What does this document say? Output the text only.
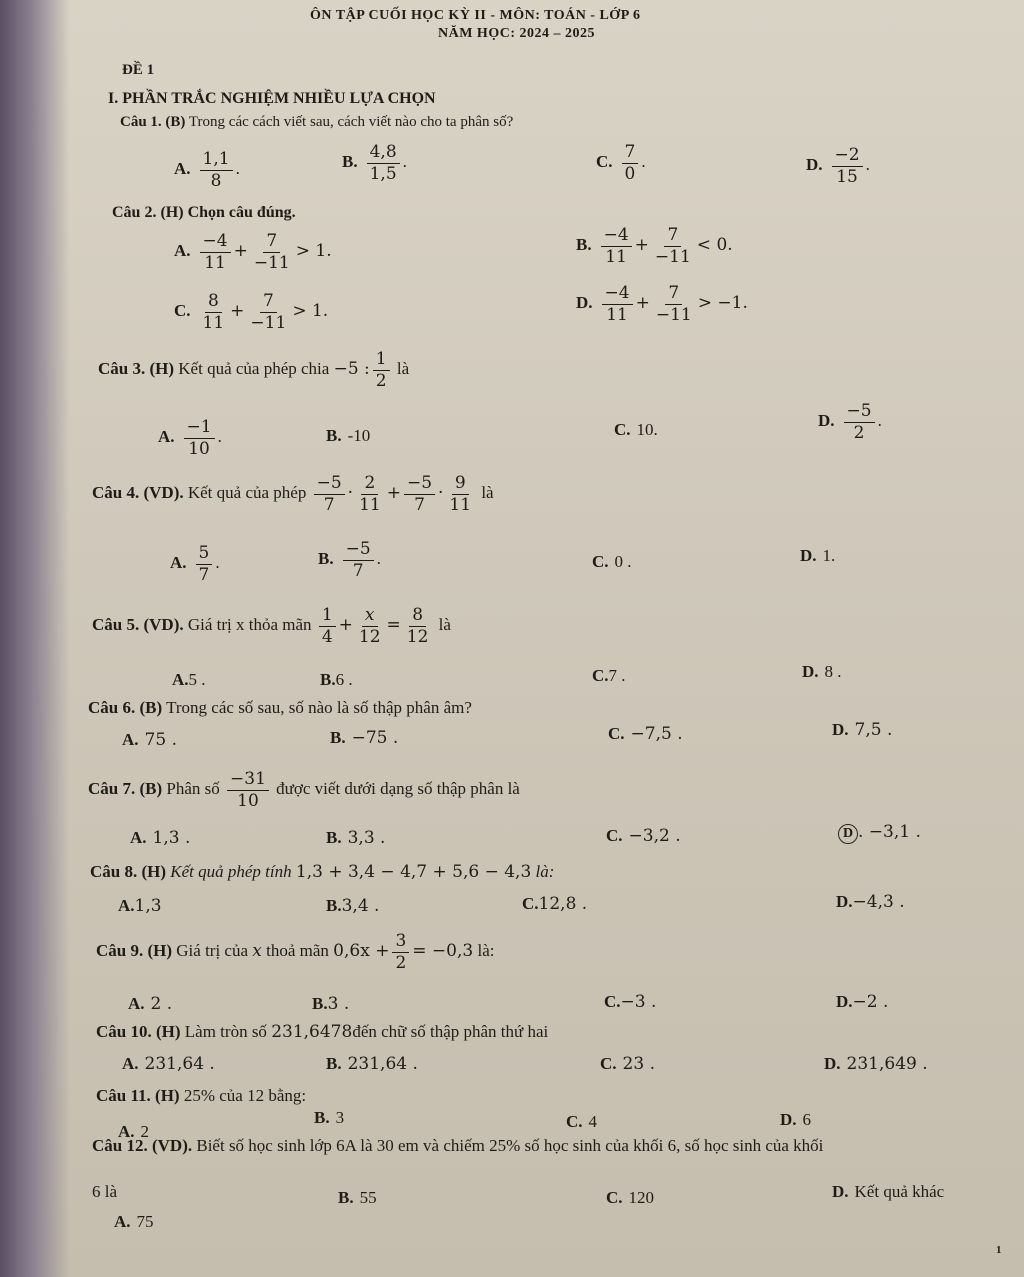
ÔN TẬP CUỐI HỌC KỲ II - MÔN: TOÁN - LỚP 6
NĂM HỌC: 2024 – 2025
ĐỀ 1
I. PHẦN TRẮC NGHIỆM NHIỀU LỰA CHỌN
Câu 1. (B) Trong các cách viết sau, cách viết nào cho ta phân số?
A. $\frac{1,1}{8}$ .	B. $\frac{4,8}{1,5}$ .	C. $\frac{7}{0}$ .	D. $\frac{-2}{15}$ .
Câu 2. (H) Chọn câu đúng.
A. $\frac{-4}{11} + \frac{7}{-11} > 1$.	B. $\frac{-4}{11} + \frac{7}{-11} < 0$.
C. $\frac{8}{11} + \frac{7}{-11} > 1$.	D. $\frac{-4}{11} + \frac{7}{-11} > -1$.
Câu 3. (H) Kết quả của phép chia −5 : $\frac{1}{2}$ là
A. $\frac{-1}{10}$ .	B. -10	C. 10.	D. $\frac{-5}{2}$ .
Câu 4. (VD). Kết quả của phép $\frac{-5}{7} \cdot \frac{2}{11} + \frac{-5}{7} \cdot \frac{9}{11}$ là
A. $\frac{5}{7}$ .	B. $\frac{-5}{7}$ .	C. 0 .	D. 1.
Câu 5. (VD). Giá trị x thỏa mãn $\frac{1}{4} + \frac{x}{12} = \frac{8}{12}$ là
A.5 .	B.6 .	C.7 .	D. 8 .
Câu 6. (B) Trong các số sau, số nào là số thập phân âm?
A. 75 .	B. −75 .	C. −7,5 .	D. 7,5 .
Câu 7. (B) Phân số $\frac{-31}{10}$ được viết dưới dạng số thập phân là
A. 1,3 .	B. 3,3 .	C. −3,2 .	D . −3,1 .
Câu 8. (H) Kết quả phép tính 1,3 + 3,4 − 4,7 + 5,6 − 4,3 là:
A.1,3	B.3,4 .	C.12,8 .	D.−4,3 .
Câu 9. (H) Giá trị của x thoả mãn $0,6x + \frac{3}{2} = -0,3$ là:
A. 2 .	B.3 .	C.−3 .	D.−2 .
Câu 10. (H) Làm tròn số 231,6478đến chữ số thập phân thứ hai
A. 231,64 .	B. 231,64 .	C. 23 .	D. 231,649 .
Câu 11. (H) 25% của 12 bằng:
A. 2
B. 3	C. 4	D. 6
Câu 12. (VD). Biết số học sinh lớp 6A là 30 em và chiếm 25% số học sinh của khối 6, số học sinh của khối
6 là
A. 75
B. 55	C. 120	D. Kết quả khác
1
